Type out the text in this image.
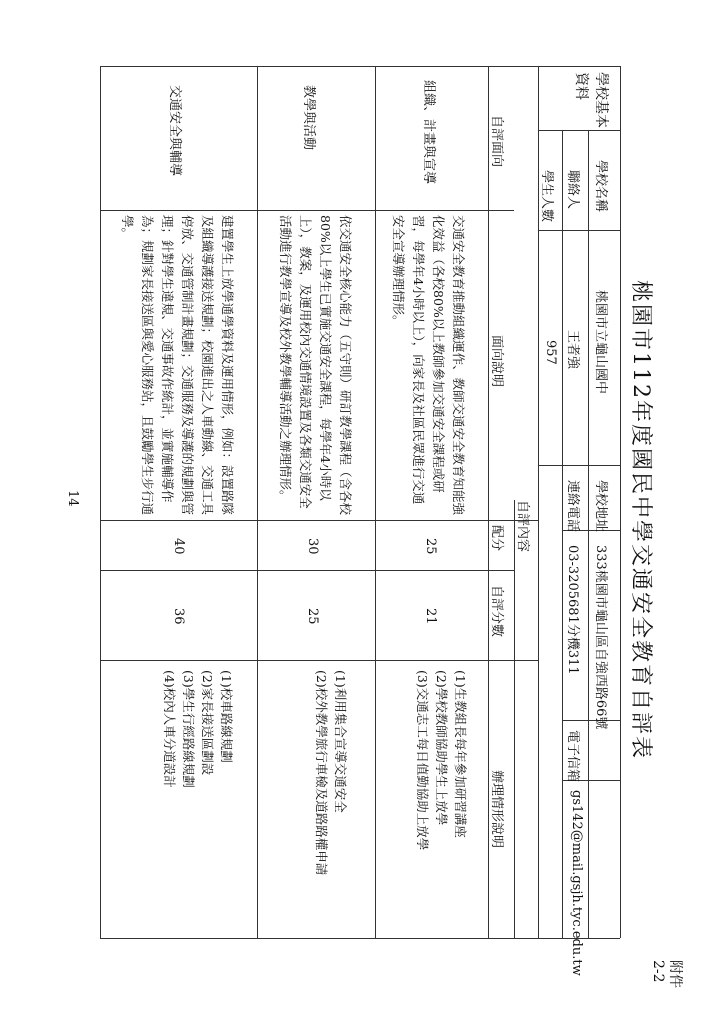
桃園市112年度國民中學交通安全教育自評表
附件2-2
14
學校基本資料
學校名稱
桃園市立龜山國中
學校地址
333桃園市龜山區自強西路66號
聯絡人
王者強
連絡電話
03-3205681分機311
電子信箱
gs142@mail.gsjh.tyc.edu.tw
學生人數
957
自評內容
自評面向
面向說明
配分
自評分數
辦理情形說明
組織、計畫與宣導
交通安全教育推動組織運作、教師交通安全教育知能強化效益（各校80%以上教師參加交通安全課程或研習，每學年4小時以上），向家長及社區民眾進行交通安全宣導辦理情形。
25
21
(1)生教組長每年參加研習講座
(2)學校教師協助學生上放學
(3)交通志工每日值勤協助上放學
教學與活動
依交通安全核心能力（五守則）研訂教學課程（含各校80%以上學生已實施交通安全課程，每學年4小時以上），教案，及運用校內交通情境設置及各類交通安全活動進行教學宣導及校外教學輔導活動之辦理情形。
30
25
(1)利用集合宣導交通安全
(2)校外教學旅行車檢及道路路權申請
交通安全與輔導
建置學生上放學通學資料及運用情形，例如：設置路隊及組織導護接送規劃；校園進出之人車動線、交通工具停放、交通管制計畫規劃；交通服務及導護的規劃與管理；針對學生違規、交通事故作統計，並實施輔導作為；規劃家長接送區與愛心服務站，且鼓勵學生步行通學。
40
36
(1)校車路線規劃
(2)家長接送區劃設
(3)學生行經路線規劃
(4)校內人車分道設計
